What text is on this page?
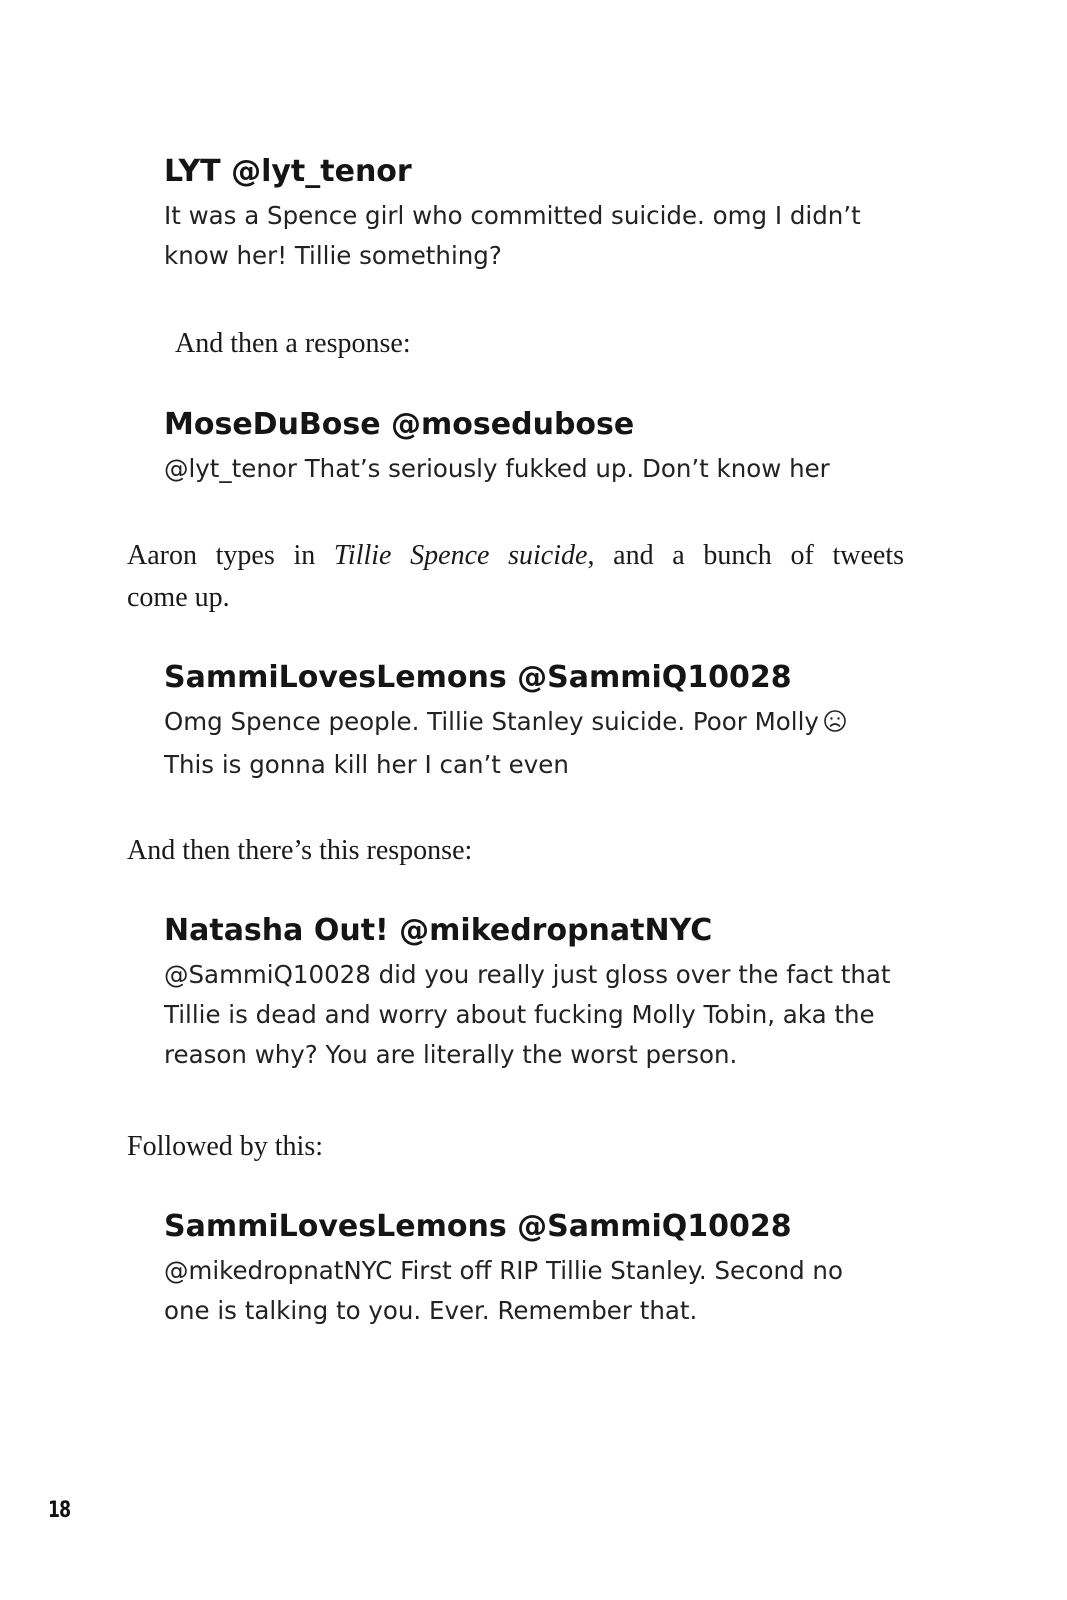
LYT @lyt_tenor
It was a Spence girl who committed suicide. omg I didn’t
know her! Tillie something?
And then a response:
MoseDuBose @mosedubose
@lyt_tenor That’s seriously fukked up. Don’t know her
Aaron types in Tillie Spence suicide, and a bunch of tweets
come up.
SammiLovesLemons @SammiQ10028
Omg Spence people. Tillie Stanley suicide. Poor Molly
This is gonna kill her I can’t even
And then there’s this response:
Natasha Out! @mikedropnatNYC
@SammiQ10028 did you really just gloss over the fact that
Tillie is dead and worry about fucking Molly Tobin, aka the
reason why? You are literally the worst person.
Followed by this:
SammiLovesLemons @SammiQ10028
@mikedropnatNYC First off RIP Tillie Stanley. Second no
one is talking to you. Ever. Remember that.
18
